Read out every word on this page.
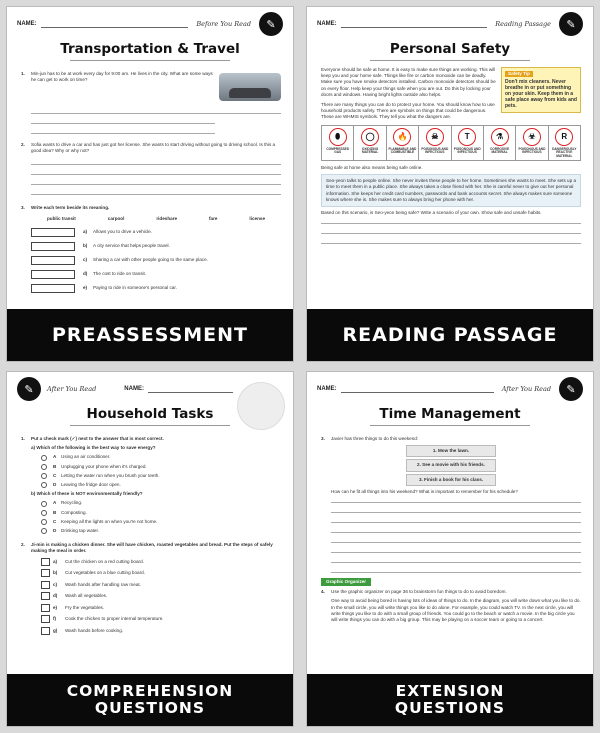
NAME:	Before You Read	✎
Transportation & Travel
1.	Min-jun has to be at work every day for 9:00 am. He lives in the city. What are some ways he can get to work on time?
2.	Sofia wants to drive a car and has just got her license. She wants to start driving without going to driving school. Is this a good idea? Why or why not?
3.	Write each term beside its meaning.
public transit	carpool	rideshare	fare	license
a)	Allows you to drive a vehicle.
b)	A city service that helps people travel.
c)	Sharing a car with other people going to the same place.
d)	The cost to ride on transit.
e)	Paying to ride in someone's personal car.
PREASSESSMENT
NAME:	Reading Passage	✎
Personal Safety
Safety Tip
Don't mix cleaners. Never breathe in or put something on your skin. Keep them in a safe place away from kids and pets.

Everyone should be safe at home. It is easy to make sure things are working. This will keep you and your home safe. Things like fire or carbon monoxide can be deadly. Make sure you have smoke detectors installed. Carbon monoxide detectors should be on every floor. Help keep your things safe when you are out. Do this by locking your doors and windows. Having bright lights outside also helps.

There are many things you can do to protect your home. You should know how to use household products safely. There are symbols on things that could be dangerous. These are WHMIS symbols. They tell you what the dangers are.

⬮
COMPRESSED GAS
◯
OXIDIZING MATERIAL
🔥
FLAMMABLE AND COMBUSTIBLE
☠
POISONOUS AND INFECTIOUS
T
POISONOUS AND INFECTIOUS
⚗
CORROSIVE MATERIAL
☣
POISONOUS AND INFECTIOUS
R
DANGEROUSLY REACTIVE MATERIAL

Being safe at home also means being safe online.

Seo-yeon talks to people online. She never invites these people to her home. Sometimes she wants to meet. She sets up a time to meet them in a public place. She always takes a close friend with her. She is careful never to give out her personal information. She keeps her credit card numbers, passwords and bank accounts secret. She always makes sure someone knows where she is. She makes sure to always bring her phone with her.

Based on this scenario, is Seo-yeon being safe? Write a scenario of your own. Show safe and unsafe habits.

READING PASSAGE
✎	After You Read	NAME:
Household Tasks
1.	Put a check mark (✓) next to the answer that is most correct.
a) Which of the following is the best way to save energy?
A	Using an air conditioner.
B	Unplugging your phone when it's charged.
C	Letting the water run when you brush your teeth.
D	Leaving the fridge door open.
b) Which of these is NOT environmentally friendly?
A	Recycling.
B	Composting.
C	Keeping all the lights on when you're not home.
D	Drinking tap water.
2.	Ji-min is making a chicken dinner. She will have chicken, roasted vegetables and bread. Put the steps of safely making the meal in order.
a)	Cut the chicken on a red cutting board.
b)	Cut vegetables on a blue cutting board.
c)	Wash hands after handling raw meat.
d)	Wash all vegetables.
e)	Fry the vegetables.
f)	Cook the chicken to proper internal temperature.
g)	Wash hands before cooking.
COMPREHENSION
QUESTIONS
NAME:	After You Read	✎
Time Management
3.	Javier has three things to do this weekend:
1. Mow the lawn.
2. See a movie with his friends.
3. Finish a book for his class.

How can he fit all things into his weekend? What is important to remember for his schedule?

Graphic Organizer
4.	Use the graphic organizer on page 36 to brainstorm fun things to do to avoid boredom.

One way to avoid being bored is having lots of ideas of things to do. In the diagram, you will write down what you like to do. In the small circle, you will write things you like to do alone. For example, you could watch TV. In the next circle, you will write things you like to do with a small group of friends. You could go to the beach or watch a movie. In the big circle you will write things you can do with a big group. This may be playing on a soccer team or going to a concert.

EXTENSION
QUESTIONS
